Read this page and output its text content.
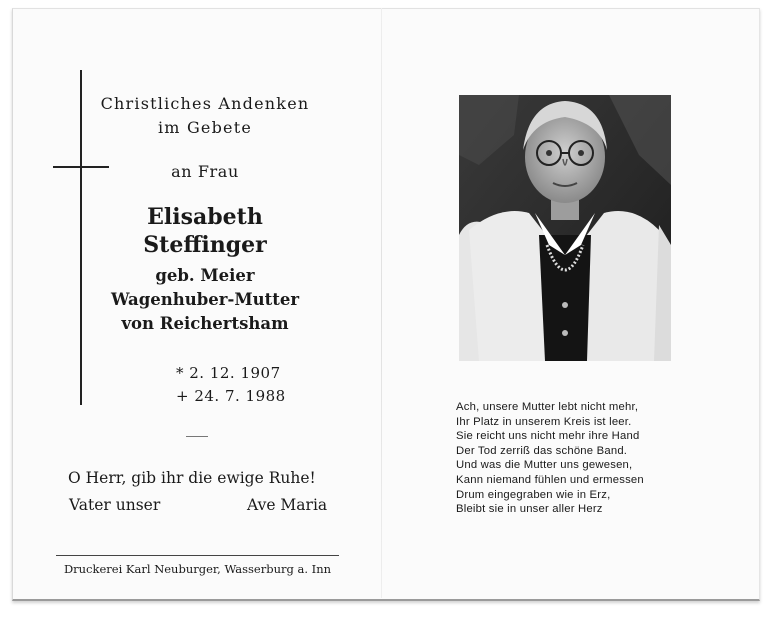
Christliches Andenken
im Gebete
an Frau
Elisabeth
Steffinger
geb. Meier
Wagenhuber-Mutter
von Reichertsham
* 2. 12. 1907
+ 24. 7. 1988
O Herr, gib ihr die ewige Ruhe!
Vater unser	Ave Maria
Druckerei Karl Neuburger, Wasserburg a. Inn
Ach, unsere Mutter lebt nicht mehr,
Ihr Platz in unserem Kreis ist leer.
Sie reicht uns nicht mehr ihre Hand
Der Tod zerriß das schöne Band.
Und was die Mutter uns gewesen,
Kann niemand fühlen und ermessen
Drum eingegraben wie in Erz,
Bleibt sie in unser aller Herz
